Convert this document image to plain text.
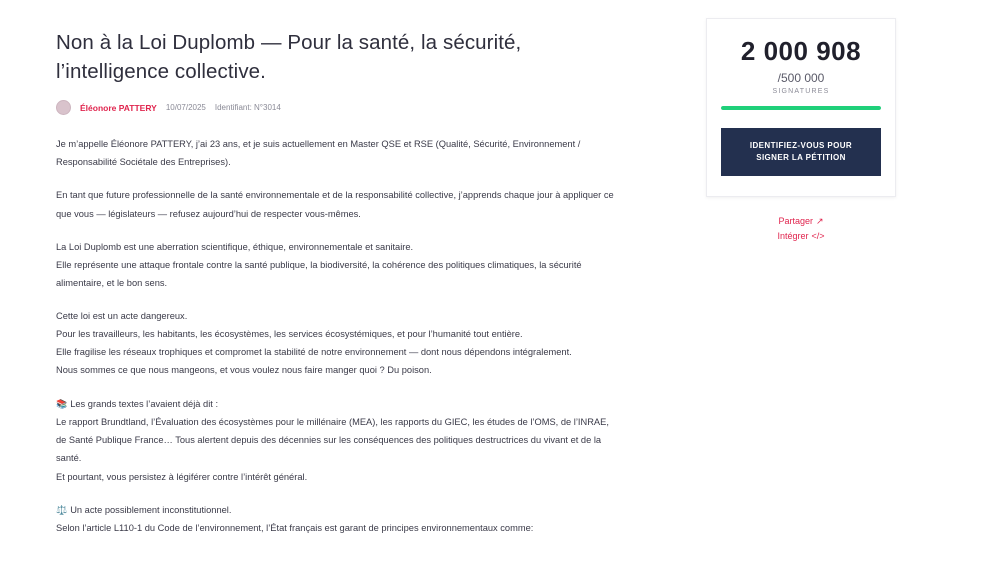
Non à la Loi Duplomb — Pour la santé, la sécurité, l’intelligence collective.
Éléonore PATTERY 10/07/2025 Identifiant: N°3014

Je m’appelle Éléonore PATTERY, j’ai 23 ans, et je suis actuellement en Master QSE et RSE (Qualité, Sécurité, Environnement / Responsabilité Sociétale des Entreprises).

En tant que future professionnelle de la santé environnementale et de la responsabilité collective, j’apprends chaque jour à appliquer ce que vous — législateurs — refusez aujourd’hui de respecter vous-mêmes.

La Loi Duplomb est une aberration scientifique, éthique, environnementale et sanitaire.
Elle représente une attaque frontale contre la santé publique, la biodiversité, la cohérence des politiques climatiques, la sécurité alimentaire, et le bon sens.

Cette loi est un acte dangereux.
Pour les travailleurs, les habitants, les écosystèmes, les services écosystémiques, et pour l’humanité tout entière.
Elle fragilise les réseaux trophiques et compromet la stabilité de notre environnement — dont nous dépendons intégralement.
Nous sommes ce que nous mangeons, et vous voulez nous faire manger quoi ? Du poison.

📚 Les grands textes l’avaient déjà dit :
Le rapport Brundtland, l’Évaluation des écosystèmes pour le millénaire (MEA), les rapports du GIEC, les études de l’OMS, de l’INRAE, de Santé Publique France… Tous alertent depuis des décennies sur les conséquences des politiques destructrices du vivant et de la santé.
Et pourtant, vous persistez à légiférer contre l’intérêt général.

⚖️ Un acte possiblement inconstitutionnel.
Selon l’article L110-1 du Code de l’environnement, l’État français est garant de principes environnementaux comme:

2 000 908
/500 000
SIGNATURES
IDENTIFIEZ-VOUS POUR
SIGNER LA PÉTITION
Partager ↗
Intégrer </>
